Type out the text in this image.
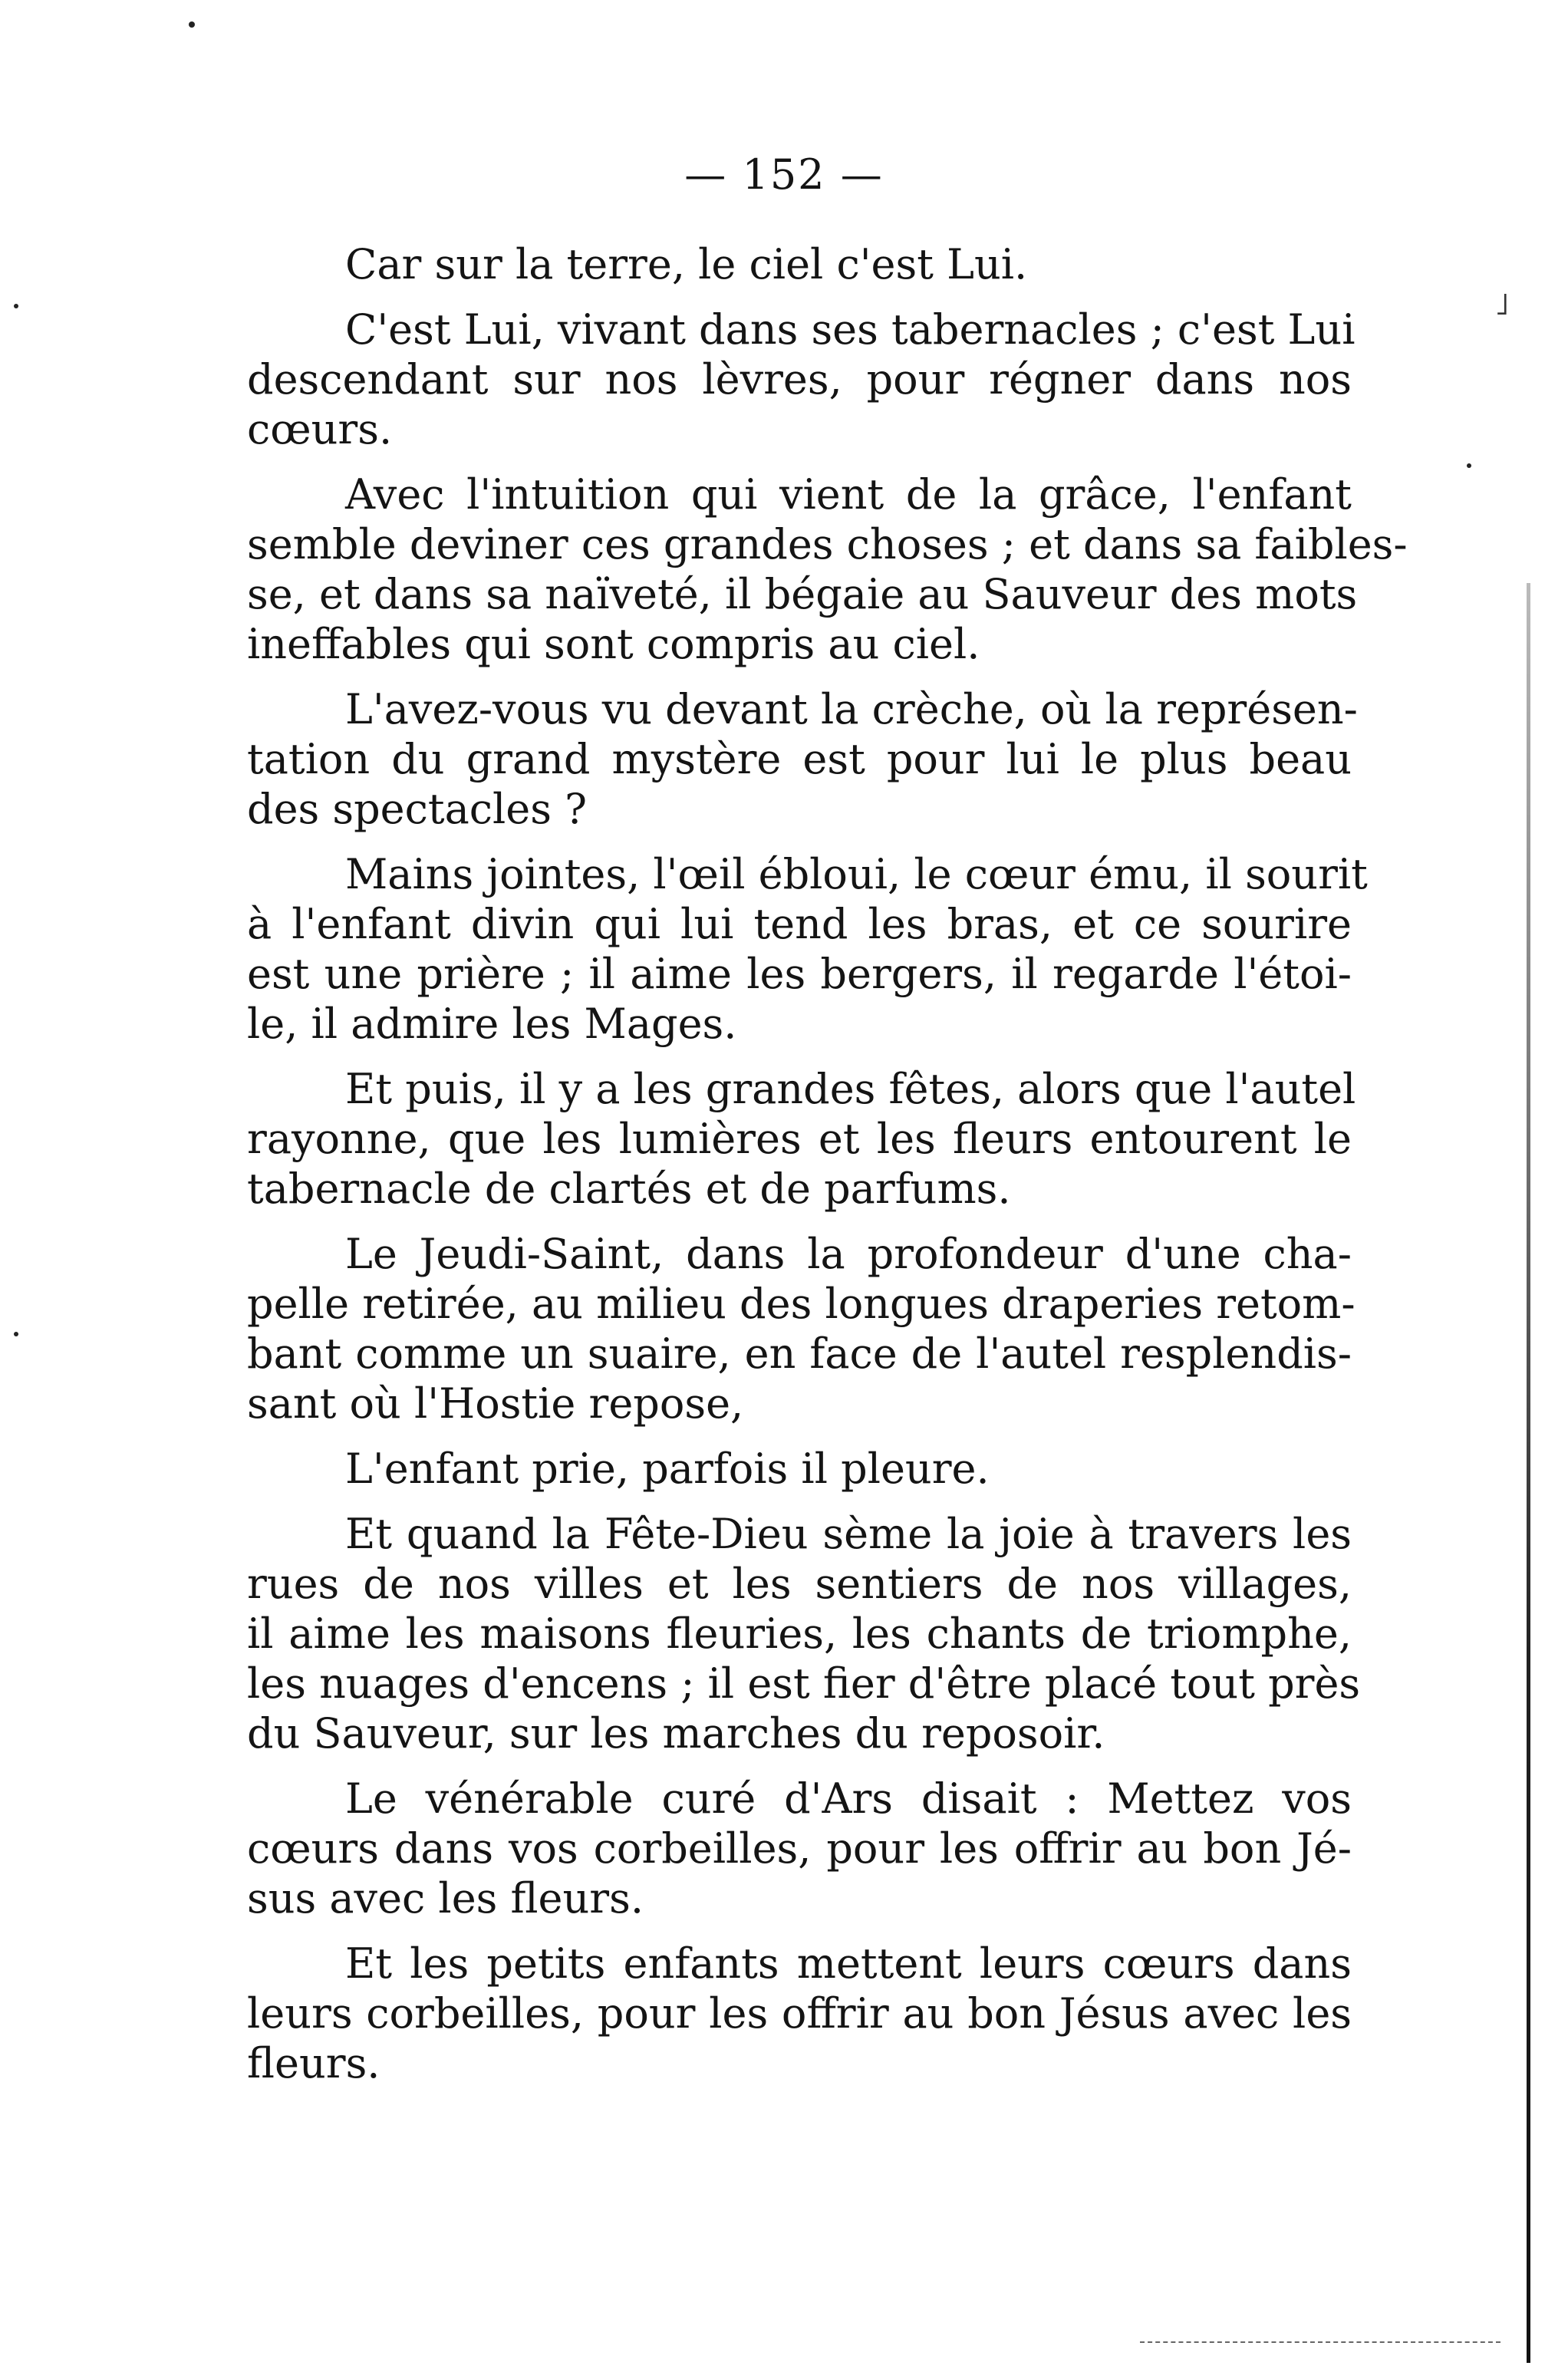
— 152 —
Car sur la terre, le ciel c'est Lui.
C'est Lui, vivant dans ses tabernacles ; c'est Lui
descendant sur nos lèvres, pour régner dans nos
cœurs.
Avec l'intuition qui vient de la grâce, l'enfant
semble deviner ces grandes choses ; et dans sa faibles-
se, et dans sa naïveté, il bégaie au Sauveur des mots
ineffables qui sont compris au ciel.
L'avez-vous vu devant la crèche, où la représen-
tation du grand mystère est pour lui le plus beau
des spectacles ?
Mains jointes, l'œil ébloui, le cœur ému, il sourit
à l'enfant divin qui lui tend les bras, et ce sourire
est une prière ; il aime les bergers, il regarde l'étoi-
le, il admire les Mages.
Et puis, il y a les grandes fêtes, alors que l'autel
rayonne, que les lumières et les fleurs entourent le
tabernacle de clartés et de parfums.
Le Jeudi-Saint, dans la profondeur d'une cha-
pelle retirée, au milieu des longues draperies retom-
bant comme un suaire, en face de l'autel resplendis-
sant où l'Hostie repose,
L'enfant prie, parfois il pleure.
Et quand la Fête-Dieu sème la joie à travers les
rues de nos villes et les sentiers de nos villages,
il aime les maisons fleuries, les chants de triomphe,
les nuages d'encens ; il est fier d'être placé tout près
du Sauveur, sur les marches du reposoir.
Le vénérable curé d'Ars disait : Mettez vos
cœurs dans vos corbeilles, pour les offrir au bon Jé-
sus avec les fleurs.
Et les petits enfants mettent leurs cœurs dans
leurs corbeilles, pour les offrir au bon Jésus avec les
fleurs.
˩
